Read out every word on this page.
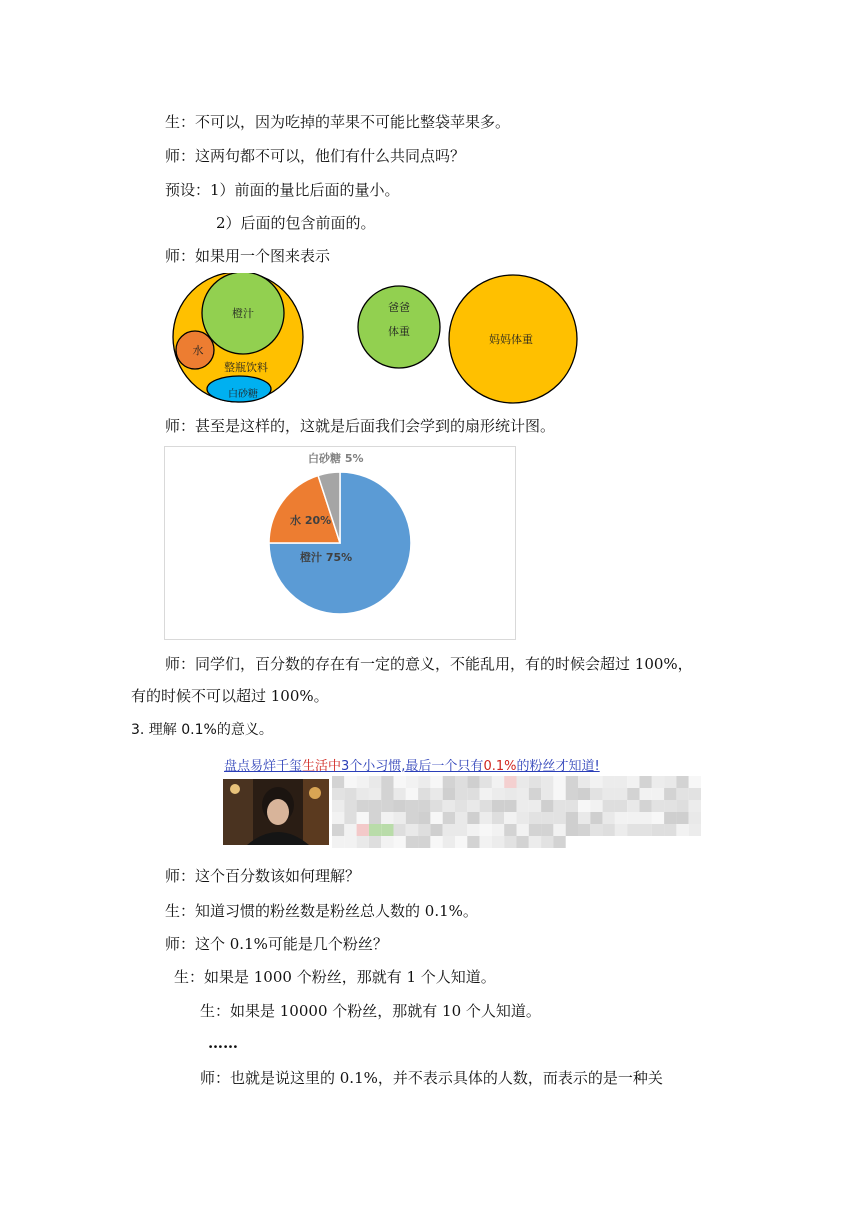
生：不可以，因为吃掉的苹果不可能比整袋苹果多。
师：这两句都不可以，他们有什么共同点吗？
预设：1）前面的量比后面的量小。
2）后面的包含前面的。
师：如果用一个图来表示
橙汁
水
整瓶饮料
白砂糖
爸爸
体重
妈妈体重
师：甚至是这样的，这就是后面我们会学到的扇形统计图。
橙汁 75%
水 20%
白砂糖 5%
师：同学们，百分数的存在有一定的意义，不能乱用，有的时候会超过 100%，
有的时候不可以超过 100%。
3. 理解 0.1%的意义。
盘点易烊千玺生活中3个小习惯,最后一个只有0.1%的粉丝才知道!
师：这个百分数该如何理解？
生：知道习惯的粉丝数是粉丝总人数的 0.1%。
师：这个 0.1%可能是几个粉丝？
生：如果是 1000 个粉丝，那就有 1 个人知道。
生：如果是 10000 个粉丝，那就有 10 个人知道。
……
师：也就是说这里的 0.1%，并不表示具体的人数，而表示的是一种关
